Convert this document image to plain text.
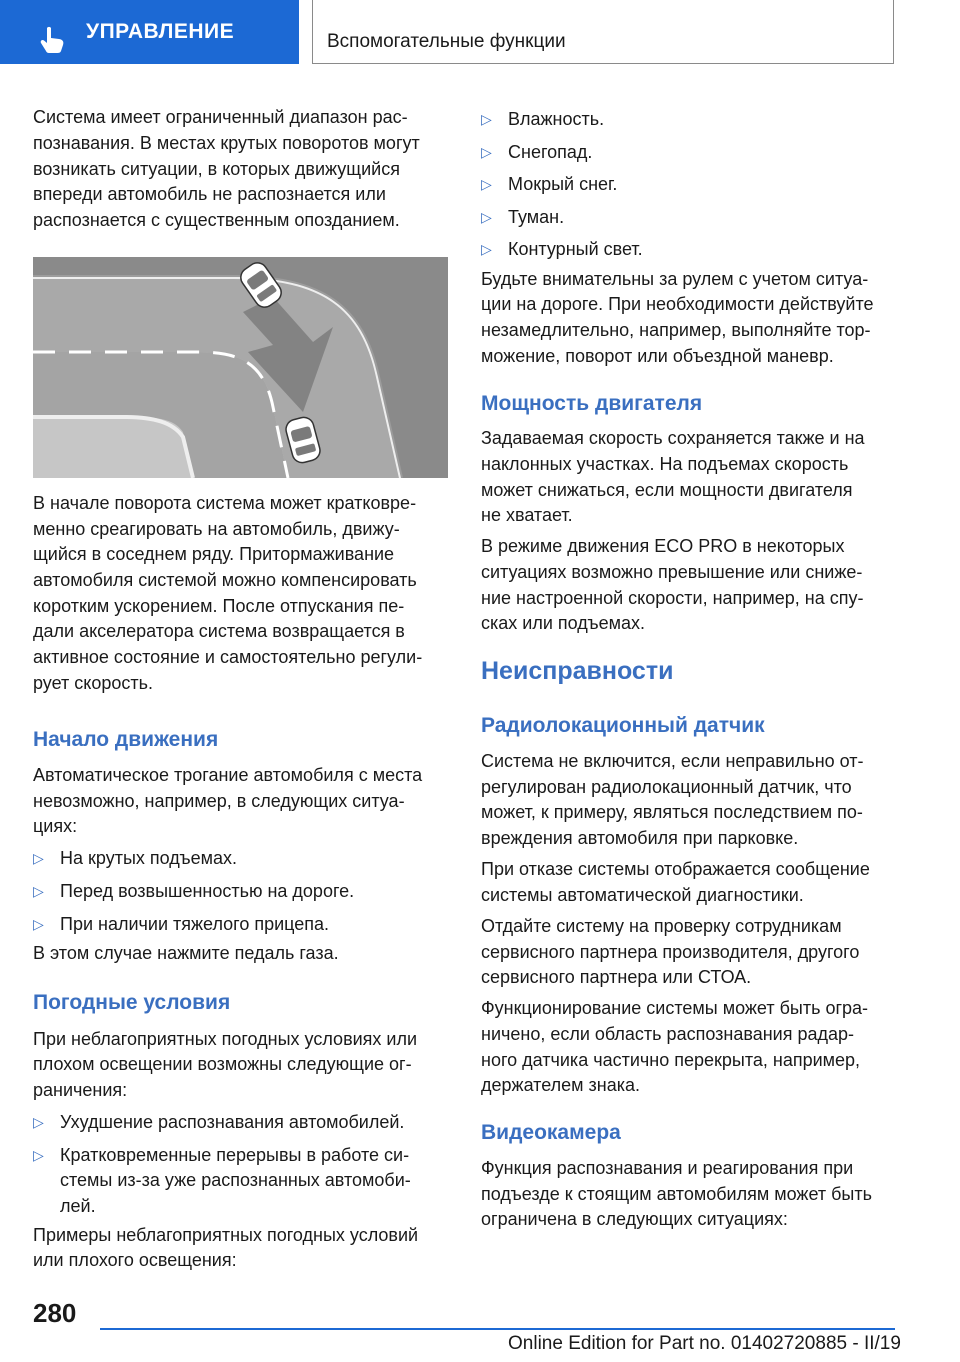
УПРАВЛЕНИЕ	Вспомогательные функции
Система имеет ограниченный диапазон рас-
познавания. В местах крутых поворотов могут
возникать ситуации, в которых движущийся
впереди автомобиль не распознается или
распознается с существенным опозданием.
В начале поворота система может кратковре-
менно среагировать на автомобиль, движу-
щийся в соседнем ряду. Притормаживание
автомобиля системой можно компенсировать
коротким ускорением. После отпускания пе-
дали акселератора система возвращается в
активное состояние и самостоятельно регули-
рует скорость.
Начало движения
Автоматическое трогание автомобиля с места
невозможно, например, в следующих ситуа-
циях:
▷ На крутых подъемах.
▷ Перед возвышенностью на дороге.
▷ При наличии тяжелого прицепа.
В этом случае нажмите педаль газа.
Погодные условия
При неблагоприятных погодных условиях или
плохом освещении возможны следующие ог-
раничения:
▷ Ухудшение распознавания автомобилей.
▷ Кратковременные перерывы в работе си-
стемы из-за уже распознанных автомоби-
лей.
Примеры неблагоприятных погодных условий
или плохого освещения:
▷ Влажность.
▷ Снегопад.
▷ Мокрый снег.
▷ Туман.
▷ Контурный свет.
Будьте внимательны за рулем с учетом ситуа-
ции на дороге. При необходимости действуйте
незамедлительно, например, выполняйте тор-
можение, поворот или объездной маневр.
Мощность двигателя
Задаваемая скорость сохраняется также и на
наклонных участках. На подъемах скорость
может снижаться, если мощности двигателя
не хватает.
В режиме движения ECO PRO в некоторых
ситуациях возможно превышение или сниже-
ние настроенной скорости, например, на спу-
сках или подъемах.
Неисправности
Радиолокационный датчик
Система не включится, если неправильно от-
регулирован радиолокационный датчик, что
может, к примеру, являться последствием по-
вреждения автомобиля при парковке.
При отказе системы отображается сообщение
системы автоматической диагностики.
Отдайте систему на проверку сотрудникам
сервисного партнера производителя, другого
сервисного партнера или СТОА.
Функционирование системы может быть огра-
ничено, если область распознавания радар-
ного датчика частично перекрыта, например,
держателем знака.
Видеокамера
Функция распознавания и реагирования при
подъезде к стоящим автомобилям может быть
ограничена в следующих ситуациях:
280
Online Edition for Part no. 01402720885 - II/19
